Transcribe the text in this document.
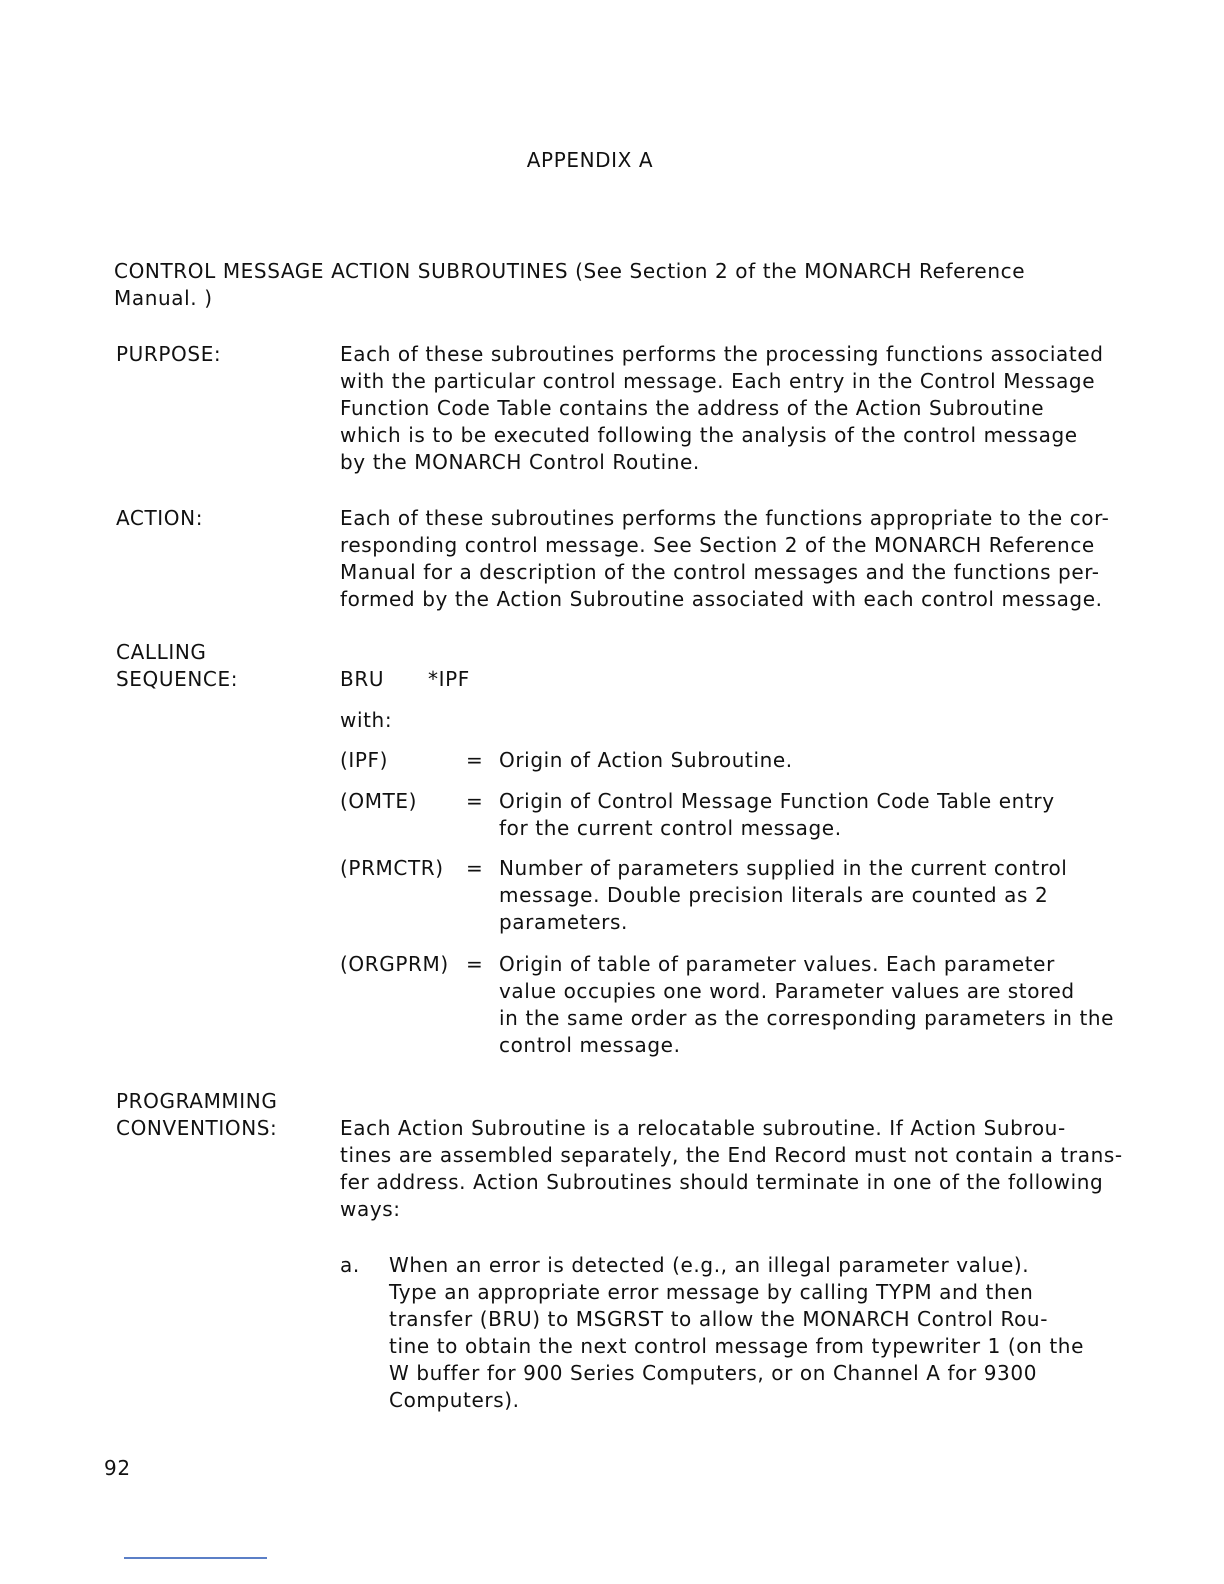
APPENDIX A
CONTROL MESSAGE ACTION SUBROUTINES (See Section 2 of the MONARCH Reference
Manual. )
PURPOSE:	Each of these subroutines performs the processing functions associated
with the particular control message. Each entry in the Control Message
Function Code Table contains the address of the Action Subroutine
which is to be executed following the analysis of the control message
by the MONARCH Control Routine.
ACTION:	Each of these subroutines performs the functions appropriate to the cor-
responding control message. See Section 2 of the MONARCH Reference
Manual for a description of the control messages and the functions per-
formed by the Action Subroutine associated with each control message.
CALLING
SEQUENCE:	BRU *IPF
with:
(IPF)	= Origin of Action Subroutine.
(OMTE) = Origin of Control Message Function Code Table entry
for the current control message.
(PRMCTR) = Number of parameters supplied in the current control
message. Double precision literals are counted as 2
parameters.
(ORGPRM) = Origin of table of parameter values. Each parameter
value occupies one word. Parameter values are stored
in the same order as the corresponding parameters in the
control message.
PROGRAMMING
CONVENTIONS:	Each Action Subroutine is a relocatable subroutine. If Action Subrou-
tines are assembled separately, the End Record must not contain a trans-
fer address. Action Subroutines should terminate in one of the following
ways:
a. When an error is detected (e.g., an illegal parameter value).
Type an appropriate error message by calling TYPM and then
transfer (BRU) to MSGRST to allow the MONARCH Control Rou-
tine to obtain the next control message from typewriter 1 (on the
W buffer for 900 Series Computers, or on Channel A for 9300
Computers).
92
